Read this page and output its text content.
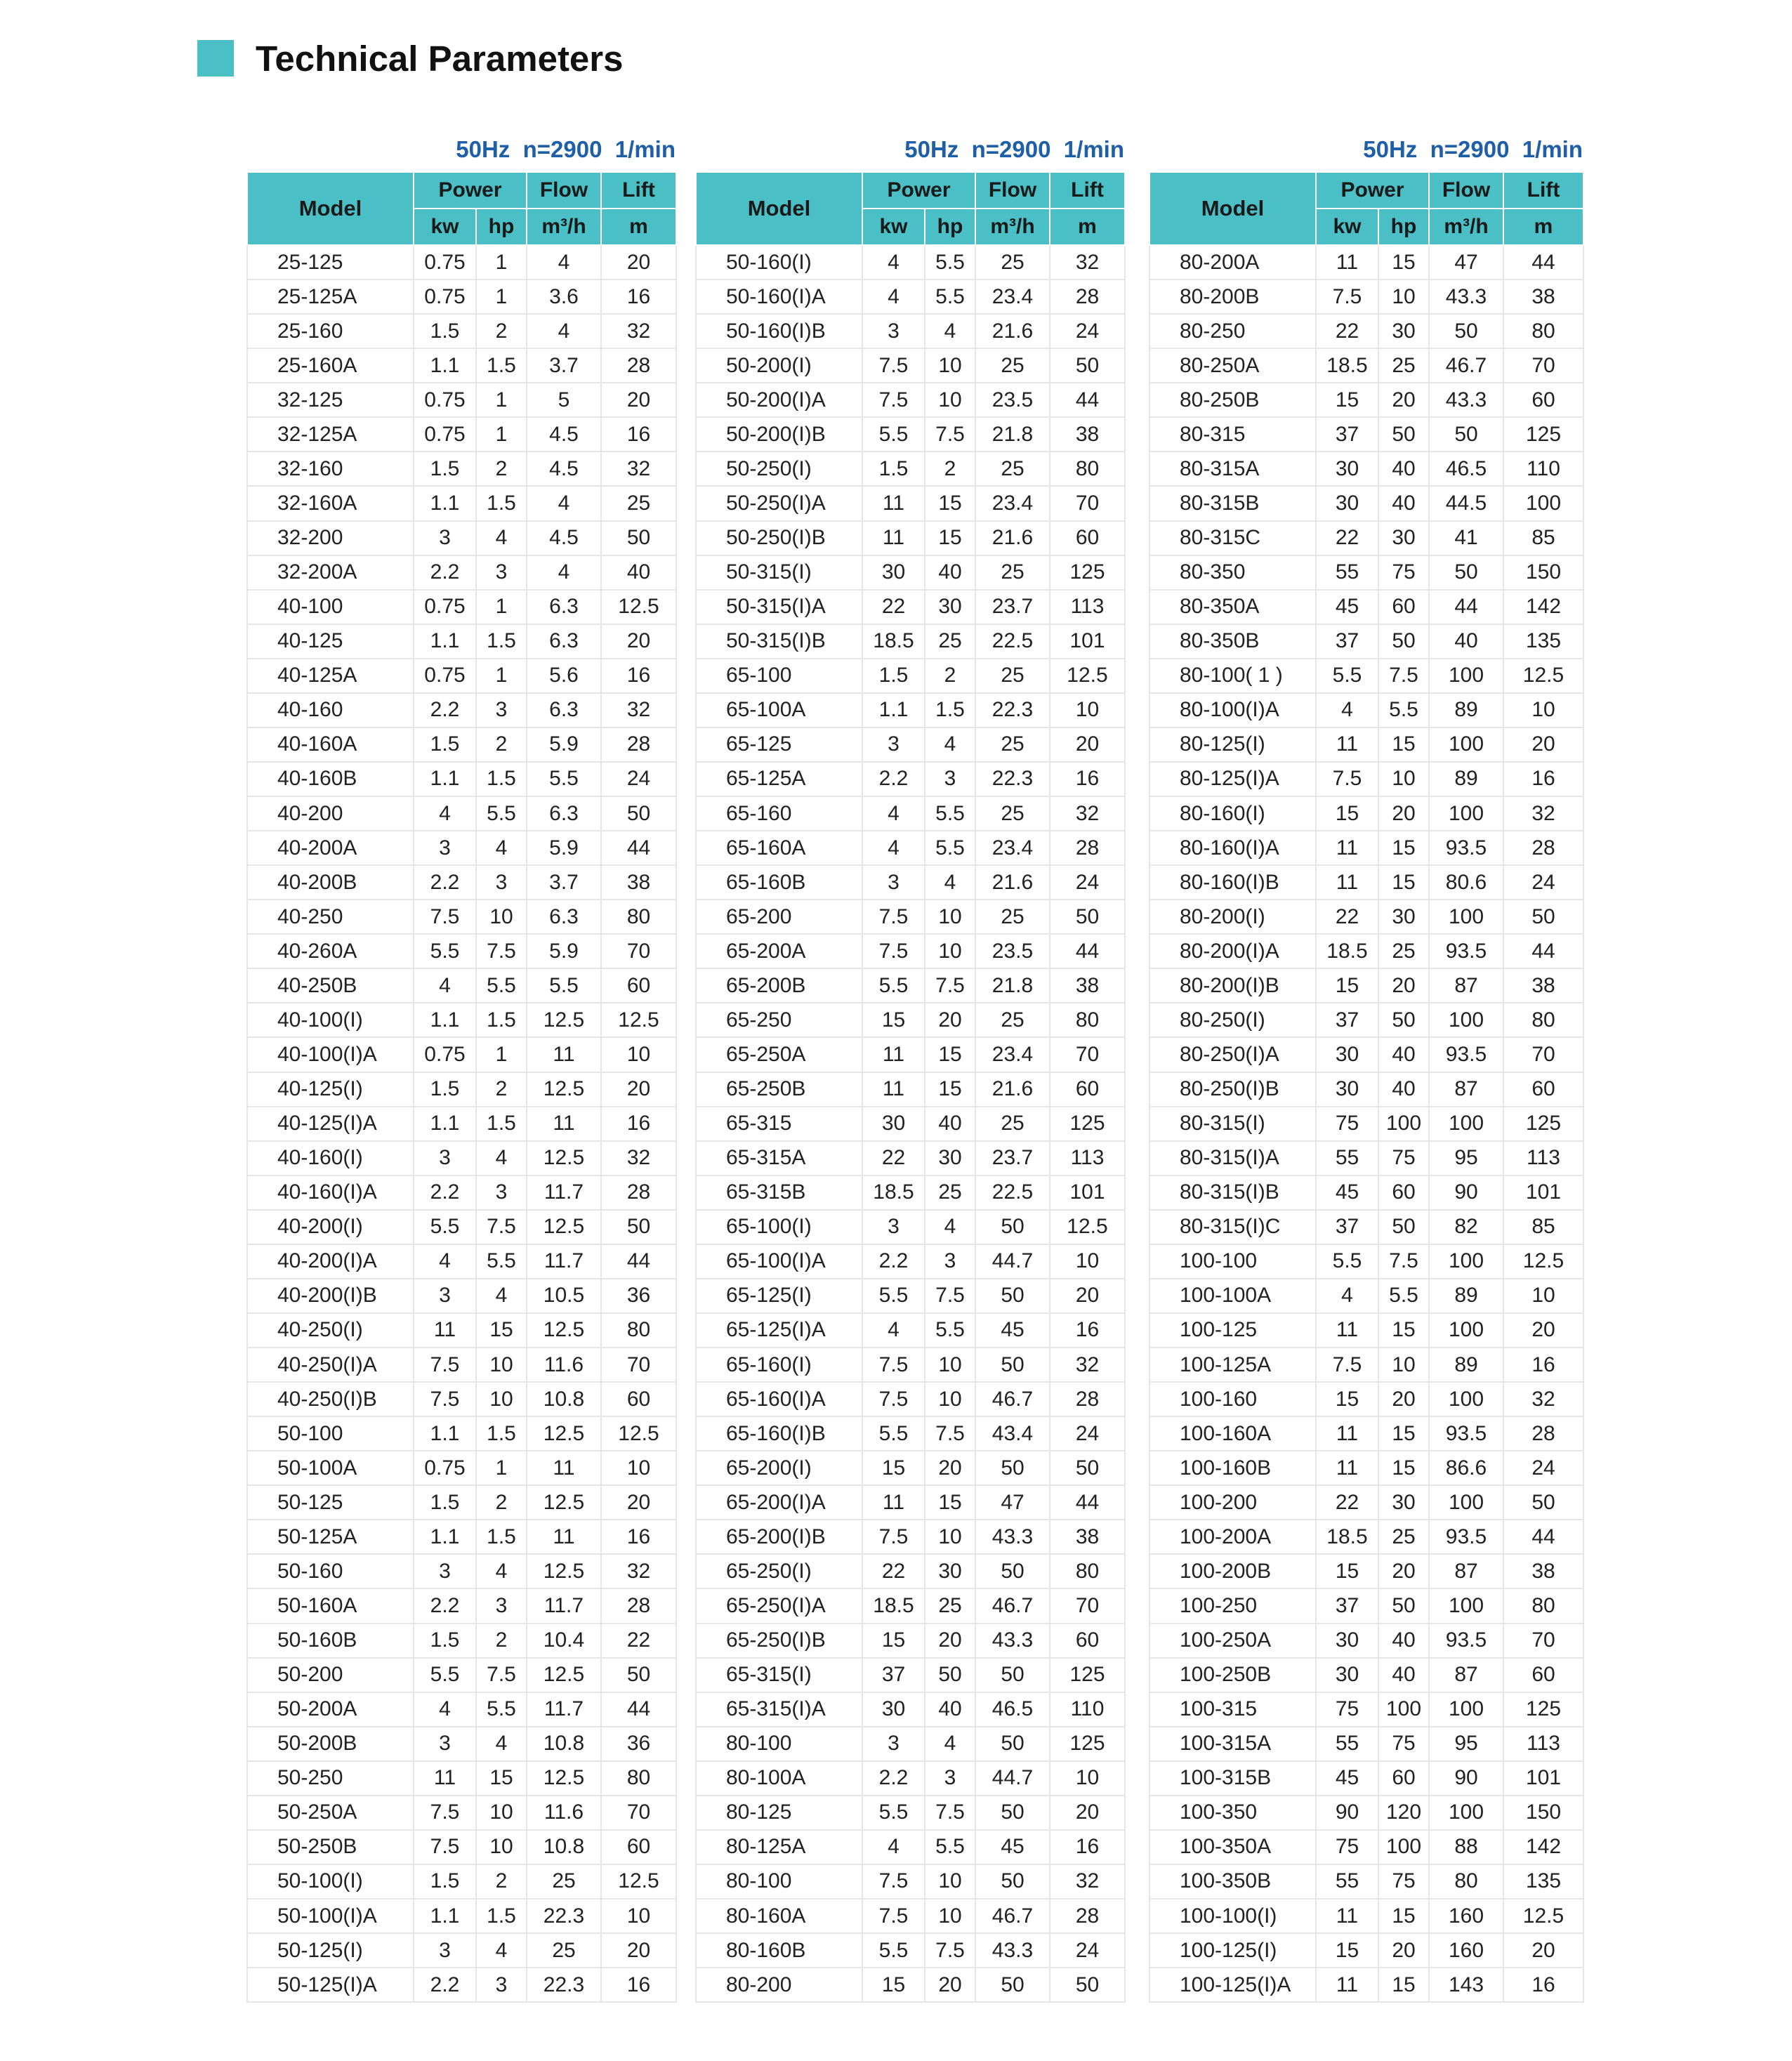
Technical Parameters
50Hz  n=2900  1/min
Model	Power		Flow	Lift
	kw	hp	m³/h	m
25-125	0.75	1	4	20
25-125A	0.75	1	3.6	16
25-160	1.5	2	4	32
25-160A	1.1	1.5	3.7	28
32-125	0.75	1	5	20
32-125A	0.75	1	4.5	16
32-160	1.5	2	4.5	32
32-160A	1.1	1.5	4	25
32-200	3	4	4.5	50
32-200A	2.2	3	4	40
40-100	0.75	1	6.3	12.5
40-125	1.1	1.5	6.3	20
40-125A	0.75	1	5.6	16
40-160	2.2	3	6.3	32
40-160A	1.5	2	5.9	28
40-160B	1.1	1.5	5.5	24
40-200	4	5.5	6.3	50
40-200A	3	4	5.9	44
40-200B	2.2	3	3.7	38
40-250	7.5	10	6.3	80
40-260A	5.5	7.5	5.9	70
40-250B	4	5.5	5.5	60
40-100(I)	1.1	1.5	12.5	12.5
40-100(I)A	0.75	1	11	10
40-125(I)	1.5	2	12.5	20
40-125(I)A	1.1	1.5	11	16
40-160(I)	3	4	12.5	32
40-160(I)A	2.2	3	11.7	28
40-200(I)	5.5	7.5	12.5	50
40-200(I)A	4	5.5	11.7	44
40-200(I)B	3	4	10.5	36
40-250(I)	11	15	12.5	80
40-250(I)A	7.5	10	11.6	70
40-250(I)B	7.5	10	10.8	60
50-100	1.1	1.5	12.5	12.5
50-100A	0.75	1	11	10
50-125	1.5	2	12.5	20
50-125A	1.1	1.5	11	16
50-160	3	4	12.5	32
50-160A	2.2	3	11.7	28
50-160B	1.5	2	10.4	22
50-200	5.5	7.5	12.5	50
50-200A	4	5.5	11.7	44
50-200B	3	4	10.8	36
50-250	11	15	12.5	80
50-250A	7.5	10	11.6	70
50-250B	7.5	10	10.8	60
50-100(I)	1.5	2	25	12.5
50-100(I)A	1.1	1.5	22.3	10
50-125(I)	3	4	25	20
50-125(I)A	2.2	3	22.3	16
50Hz  n=2900  1/min
Model	Power		Flow	Lift
	kw	hp	m³/h	m
50-160(I)	4	5.5	25	32
50-160(I)A	4	5.5	23.4	28
50-160(I)B	3	4	21.6	24
50-200(I)	7.5	10	25	50
50-200(I)A	7.5	10	23.5	44
50-200(I)B	5.5	7.5	21.8	38
50-250(I)	1.5	2	25	80
50-250(I)A	11	15	23.4	70
50-250(I)B	11	15	21.6	60
50-315(I)	30	40	25	125
50-315(I)A	22	30	23.7	113
50-315(I)B	18.5	25	22.5	101
65-100	1.5	2	25	12.5
65-100A	1.1	1.5	22.3	10
65-125	3	4	25	20
65-125A	2.2	3	22.3	16
65-160	4	5.5	25	32
65-160A	4	5.5	23.4	28
65-160B	3	4	21.6	24
65-200	7.5	10	25	50
65-200A	7.5	10	23.5	44
65-200B	5.5	7.5	21.8	38
65-250	15	20	25	80
65-250A	11	15	23.4	70
65-250B	11	15	21.6	60
65-315	30	40	25	125
65-315A	22	30	23.7	113
65-315B	18.5	25	22.5	101
65-100(I)	3	4	50	12.5
65-100(I)A	2.2	3	44.7	10
65-125(I)	5.5	7.5	50	20
65-125(I)A	4	5.5	45	16
65-160(I)	7.5	10	50	32
65-160(I)A	7.5	10	46.7	28
65-160(I)B	5.5	7.5	43.4	24
65-200(I)	15	20	50	50
65-200(I)A	11	15	47	44
65-200(I)B	7.5	10	43.3	38
65-250(I)	22	30	50	80
65-250(I)A	18.5	25	46.7	70
65-250(I)B	15	20	43.3	60
65-315(I)	37	50	50	125
65-315(I)A	30	40	46.5	110
80-100	3	4	50	125
80-100A	2.2	3	44.7	10
80-125	5.5	7.5	50	20
80-125A	4	5.5	45	16
80-100	7.5	10	50	32
80-160A	7.5	10	46.7	28
80-160B	5.5	7.5	43.3	24
80-200	15	20	50	50
50Hz  n=2900  1/min
Model	Power		Flow	Lift
	kw	hp	m³/h	m
80-200A	11	15	47	44
80-200B	7.5	10	43.3	38
80-250	22	30	50	80
80-250A	18.5	25	46.7	70
80-250B	15	20	43.3	60
80-315	37	50	50	125
80-315A	30	40	46.5	110
80-315B	30	40	44.5	100
80-315C	22	30	41	85
80-350	55	75	50	150
80-350A	45	60	44	142
80-350B	37	50	40	135
80-100( 1 )	5.5	7.5	100	12.5
80-100(I)A	4	5.5	89	10
80-125(I)	11	15	100	20
80-125(I)A	7.5	10	89	16
80-160(I)	15	20	100	32
80-160(I)A	11	15	93.5	28
80-160(I)B	11	15	80.6	24
80-200(I)	22	30	100	50
80-200(I)A	18.5	25	93.5	44
80-200(I)B	15	20	87	38
80-250(I)	37	50	100	80
80-250(I)A	30	40	93.5	70
80-250(I)B	30	40	87	60
80-315(I)	75	100	100	125
80-315(I)A	55	75	95	113
80-315(I)B	45	60	90	101
80-315(I)C	37	50	82	85
100-100	5.5	7.5	100	12.5
100-100A	4	5.5	89	10
100-125	11	15	100	20
100-125A	7.5	10	89	16
100-160	15	20	100	32
100-160A	11	15	93.5	28
100-160B	11	15	86.6	24
100-200	22	30	100	50
100-200A	18.5	25	93.5	44
100-200B	15	20	87	38
100-250	37	50	100	80
100-250A	30	40	93.5	70
100-250B	30	40	87	60
100-315	75	100	100	125
100-315A	55	75	95	113
100-315B	45	60	90	101
100-350	90	120	100	150
100-350A	75	100	88	142
100-350B	55	75	80	135
100-100(I)	11	15	160	12.5
100-125(I)	15	20	160	20
100-125(I)A	11	15	143	16
